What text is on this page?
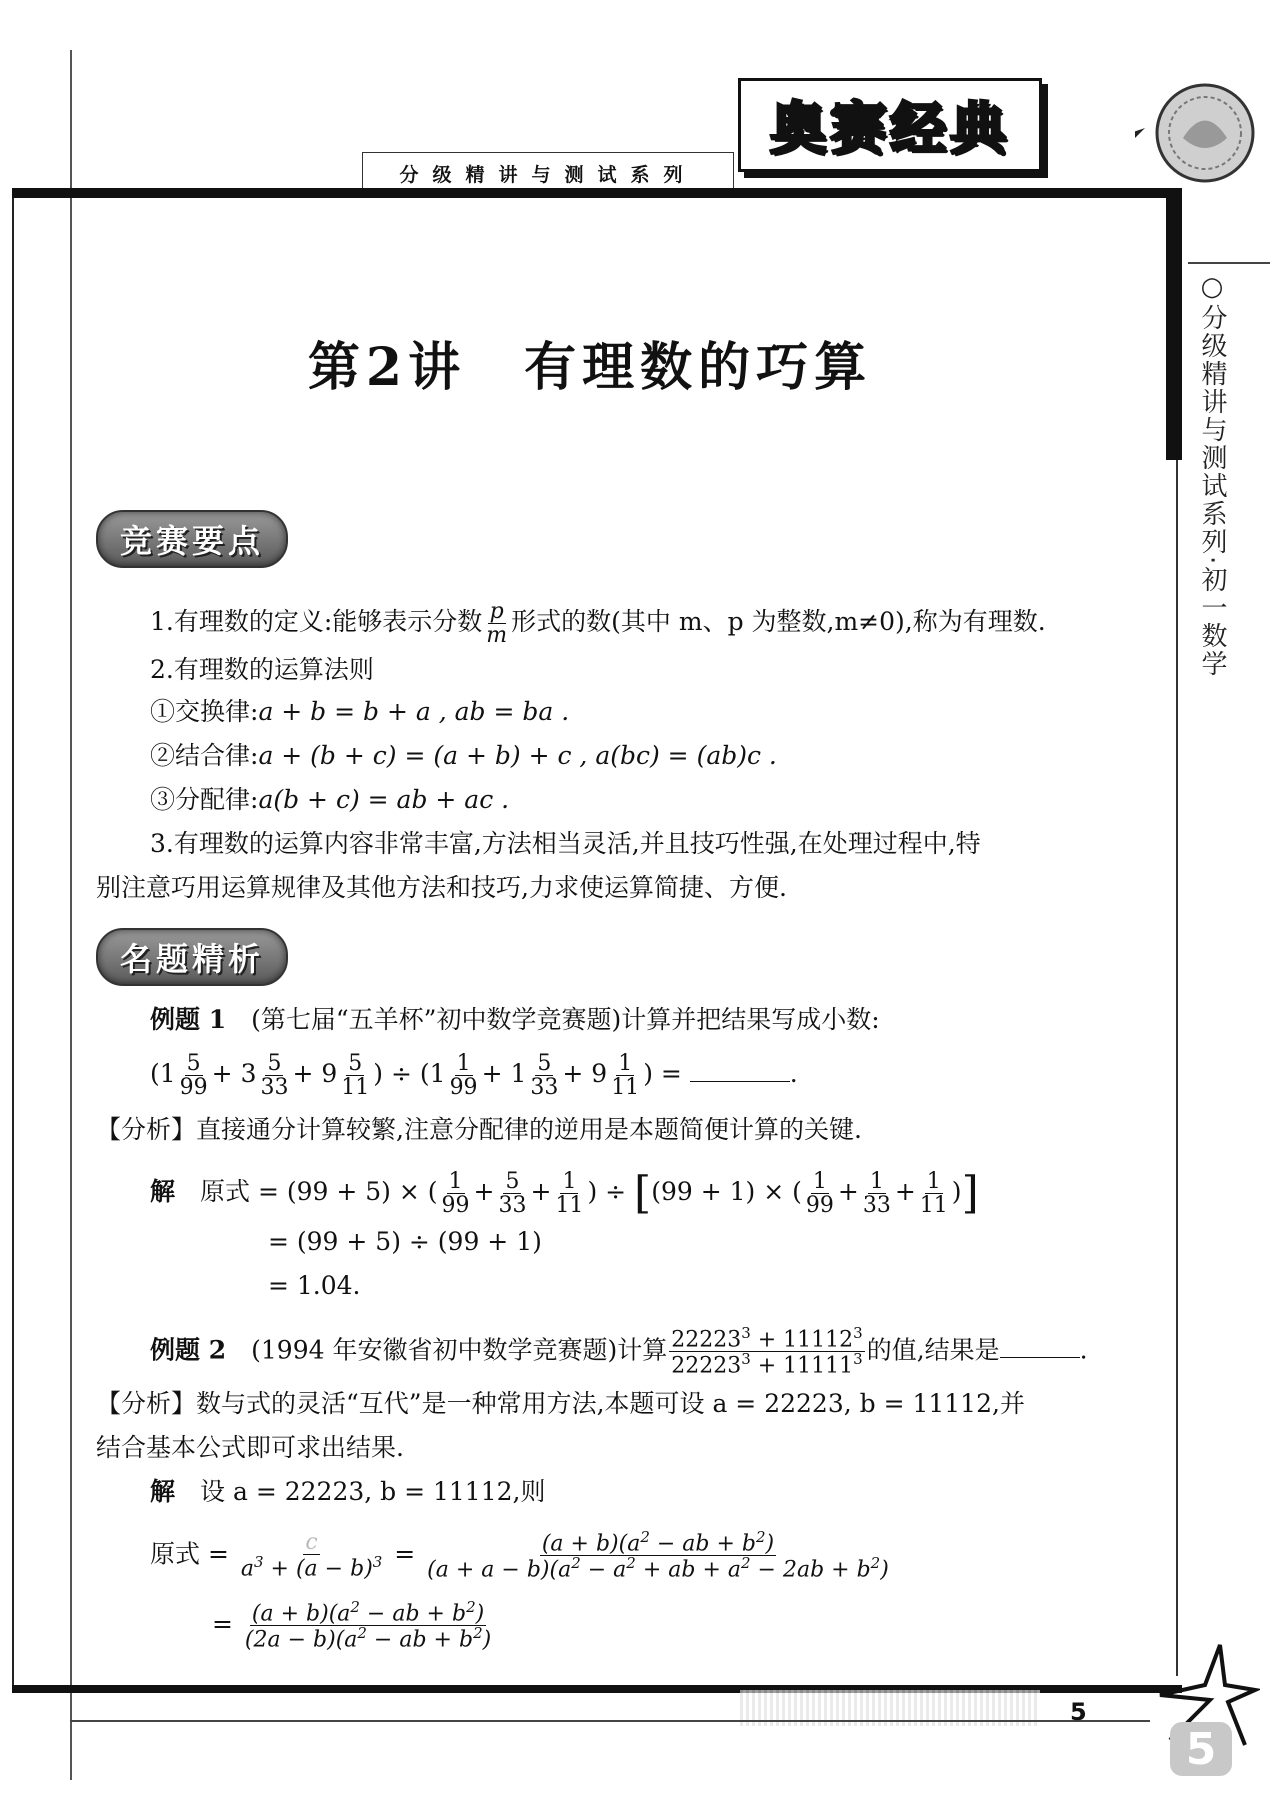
分级精讲与测试系列
奥赛经典
○分级精讲与测试系列·初一数学
第2讲　有理数的巧算
竞赛要点
1.有理数的定义:能够表示分数 $\frac{p}{m}$ 形式的数(其中 m、p 为整数,m≠0),称为有理数.
2.有理数的运算法则
①交换律:a + b = b + a , ab = ba .
②结合律:a + (b + c) = (a + b) + c , a(bc) = (ab)c .
③分配律:a(b + c) = ab + ac .
3.有理数的运算内容非常丰富,方法相当灵活,并且技巧性强,在处理过程中,特
别注意巧用运算规律及其他方法和技巧,力求使运算简捷、方便.
名题精析
例题 1　 (第七届“五羊杯”初中数学竞赛题)计算并把结果写成小数:
($1 \frac{5}{99} + 3 \frac{5}{33} + 9 \frac{5}{11}$ ) ÷ ($1 \frac{1}{99} + 1 \frac{5}{33} + 9 \frac{1}{11}$ ) =	.
【分析】直接通分计算较繁,注意分配律的逆用是本题简便计算的关键.
解　原式 = (99 + 5) × ( $\frac{1}{99} + \frac{5}{33} + \frac{1}{11}$ ) ÷ [(99 + 1) × ( $\frac{1}{99} + \frac{1}{33} + \frac{1}{11}$ )]
= (99 + 5) ÷ (99 + 1)
= 1.04.
例题 2　 (1994 年安徽省初中数学竞赛题)计算 $\frac{22223^3 + 11112^3}{22223^3 + 11111^3}$ 的值,结果是	.
【分析】数与式的灵活“互代”是一种常用方法,本题可设 a = 22223, b = 11112,并
结合基本公式即可求出结果.
解　 设 a = 22223, b = 11112,则
原式 = $\frac{c}{a^3 + (a - b)^3} = \frac{(a + b)(a^2 - ab + b^2)}{(a + a - b)(a^2 - a^2 + ab + a^2 - 2ab + b^2)}$
= $\frac{(a + b)(a^2 - ab + b^2)}{(2a - b)(a^2 - ab + b^2)}$
5
5
